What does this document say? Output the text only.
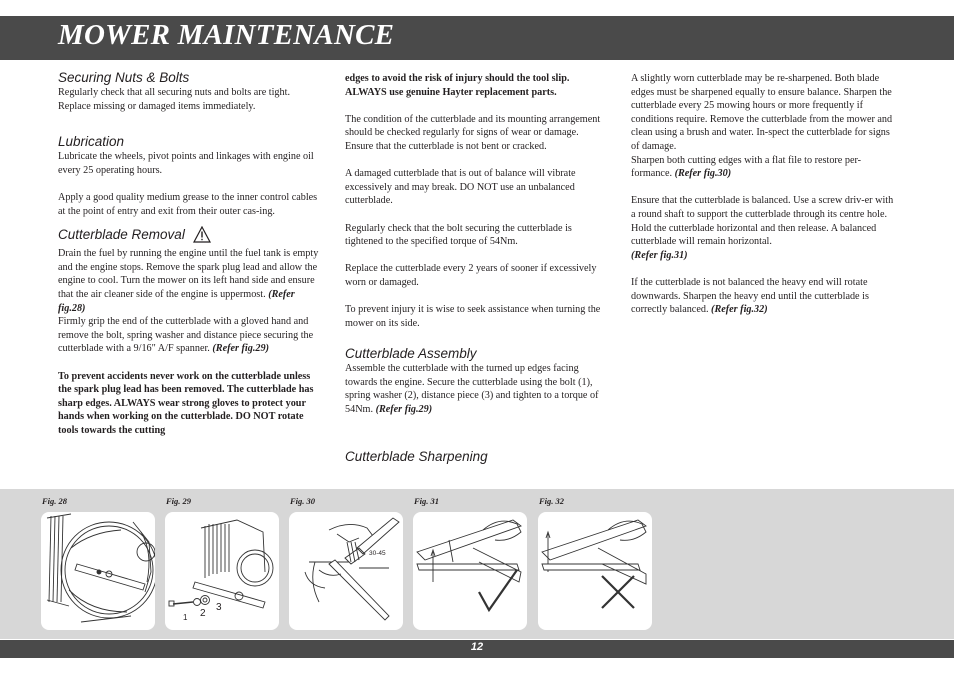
MOWER MAINTENANCE
Securing Nuts & Bolts

Regularly check that all securing nuts and bolts are tight. Replace missing or damaged items immediately.

Lubrication

Lubricate the wheels, pivot points and linkages with engine oil every 25 operating hours.

Apply a good quality medium grease to the inner control cables at the point of entry and exit from their outer cas-ing.

Cutterblade Removal

Drain the fuel by running the engine until the fuel tank is empty and the engine stops. Remove the spark plug lead and allow the engine to cool. Turn the mower on its left hand side and ensure that the air cleaner side of the engine is uppermost. (Refer fig.28)

Firmly grip the end of the cutterblade with a gloved hand and remove the bolt, spring washer and distance piece securing the cutterblade with a 9/16" A/F spanner. (Refer fig.29)

To prevent accidents never work on the cutterblade unless the spark plug lead has been removed. The cutterblade has sharp edges. ALWAYS wear strong gloves to protect your hands when working on the cutterblade. DO NOT rotate tools towards the cutting

edges to avoid the risk of injury should the tool slip. ALWAYS use genuine Hayter replacement parts.

The condition of the cutterblade and its mounting arrangement should be checked regularly for signs of wear or damage. Ensure that the cutterblade is not bent or cracked.

A damaged cutterblade that is out of balance will vibrate excessively and may break. DO NOT use an unbalanced cutterblade.

Regularly check that the bolt securing the cutterblade is tightened to the specified torque of 54Nm.

Replace the cutterblade every 2 years of sooner if excessively worn or damaged.

To prevent injury it is wise to seek assistance when turning the mower on its side.

Cutterblade Assembly

Assemble the cutterblade with the turned up edges facing towards the engine. Secure the cutterblade using the bolt (1), spring washer (2), distance piece (3) and tighten to a torque of 54Nm. (Refer fig.29)

Cutterblade Sharpening

A slightly worn cutterblade may be re-sharpened. Both blade edges must be sharpened equally to ensure balance. Sharpen the cutterblade every 25 mowing hours or more frequently if conditions require. Remove the cutterblade from the mower and clean using a brush and water. In-spect the cutterblade for signs of damage.

Sharpen both cutting edges with a flat file to restore per-formance. (Refer fig.30)

Ensure that the cutterblade is balanced. Use a screw driv-er with a round shaft to support the cutterblade through its centre hole. Hold the cutterblade horizontal and then release. A balanced cutterblade will remain horizontal.
(Refer fig.31)

If the cutterblade is not balanced the heavy end will rotate downwards. Sharpen the heavy end until the cutterblade is correctly balanced. (Refer fig.32)

Fig. 28	Fig. 29	Fig. 30	Fig. 31	Fig. 32
1 2
3
30-45
12
